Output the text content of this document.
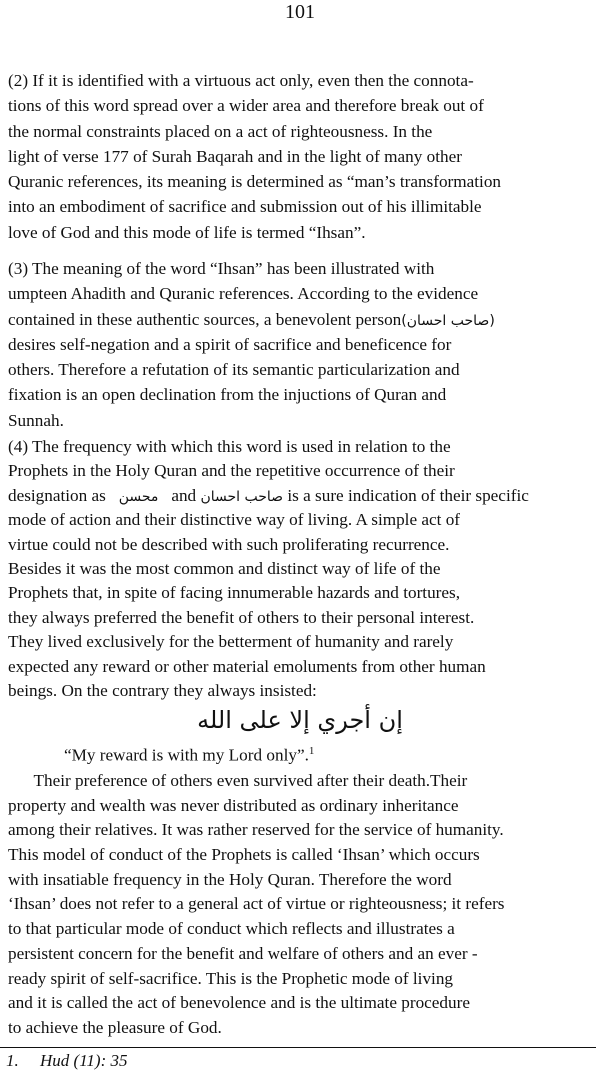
101
(2) If it is identified with a virtuous act only, even then the connota-
tions of this word spread over a wider area and therefore break out of
the normal constraints placed on a act of righteousness. In the
light of verse 177 of Surah Baqarah and in the light of many other
Quranic references, its meaning is determined as “man’s transformation
into an embodiment of sacrifice and submission out of his illimitable
love of God and this mode of life is termed “Ihsan”.
(3) The meaning of the word “Ihsan” has been illustrated with
umpteen Ahadith and Quranic references. According to the evidence
contained in these authentic sources, a benevolent person(صاحب احسان)
desires self-negation and a spirit of sacrifice and beneficence for
others. Therefore a refutation of its semantic particularization and
fixation is an open declination from the injuctions of Quran and
Sunnah.
(4) The frequency with which this word is used in relation to the
Prophets in the Holy Quran and the repetitive occurrence of their
designation as محسن and صاحب احسان is a sure indication of their specific
mode of action and their distinctive way of living. A simple act of
virtue could not be described with such proliferating recurrence.
Besides it was the most common and distinct way of life of the
Prophets that, in spite of facing innumerable hazards and tortures,
they always preferred the benefit of others to their personal interest.
They lived exclusively for the betterment of humanity and rarely
expected any reward or other material emoluments from other human
beings. On the contrary they always insisted:
إن أجري إلا على الله
“My reward is with my Lord only”.$^1$
Their preference of others even survived after their death.Their
property and wealth was never distributed as ordinary inheritance
among their relatives. It was rather reserved for the service of humanity.
This model of conduct of the Prophets is called ‘Ihsan’ which occurs
with insatiable frequency in the Holy Quran. Therefore the word
‘Ihsan’ does not refer to a general act of virtue or righteousness; it refers
to that particular mode of conduct which reflects and illustrates a
persistent concern for the benefit and welfare of others and an ever -
ready spirit of self-sacrifice. This is the Prophetic mode of living
and it is called the act of benevolence and is the ultimate procedure
to achieve the pleasure of God.
1. Hud (11): 35
